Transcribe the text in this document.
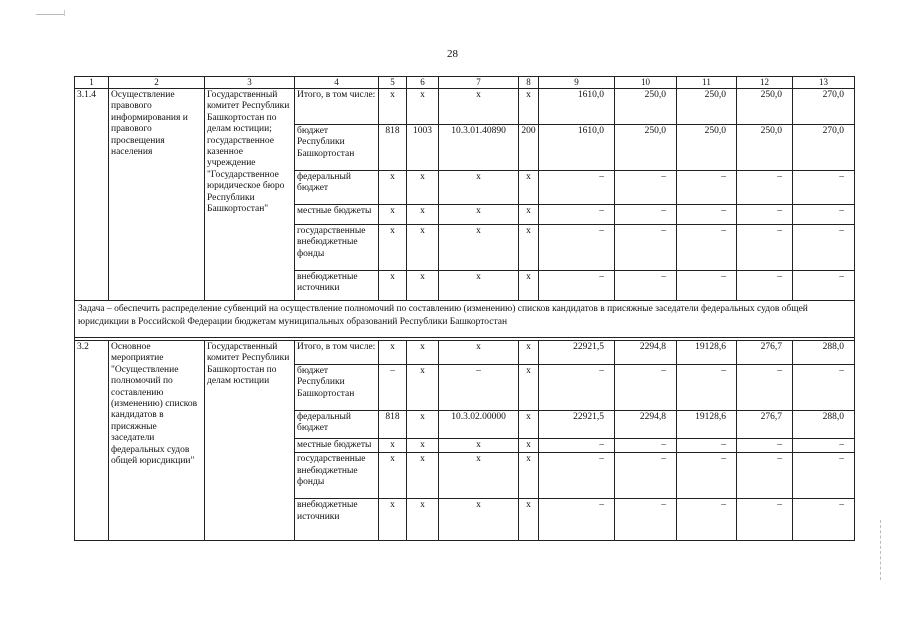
28
1	2	3	4	5	6	7	8	9	10	11	12	13
3.1.4	Осуществление правового информирования и правового просвещения населения	Государственный комитет Республики Башкортостан по делам юстиции; государственное казенное учреждение "Государственное юридическое бюро Республики Башкортостан"	Итого, в том числе:	х	х	х	х	1610,0	250,0	250,0	250,0	270,0
			бюджет Республики Башкортостан	818	1003	10.3.01.40890	200	1610,0	250,0	250,0	250,0	270,0
			федеральный бюджет	х	х	х	х	–	–	–	–	–
			местные бюджеты	х	х	х	х	–	–	–	–	–
			государственные внебюджетные фонды	х	х	х	х	–	–	–	–	–
			внебюджетные источники	х	х	х	х	–	–	–	–	–
Задача – обеспечить распределение субвенций на осуществление полномочий по составлению (изменению) списков кандидатов в присяжные заседатели федеральных судов общей юрисдикции в Российской Федерации бюджетам муниципальных образований Республики Башкортостан												

3.2	Основное мероприятие "Осуществление полномочий по составлению (изменению) списков кандидатов в присяжные заседатели федеральных судов общей юрисдикции"	Государственный комитет Республики Башкортостан по делам юстиции	Итого, в том числе:	х	х	х	х	22921,5	2294,8	19128,6	276,7	288,0
			бюджет Республики Башкортостан	–	х	–	х	–	–	–	–	–
			федеральный бюджет	818	х	10.3.02.00000	х	22921,5	2294,8	19128,6	276,7	288,0
			местные бюджеты	х	х	х	х	–	–	–	–	–
			государственные внебюджетные фонды	х	х	х	х	–	–	–	–	–
			внебюджетные источники	х	х	х	х	–	–	–	–	–
